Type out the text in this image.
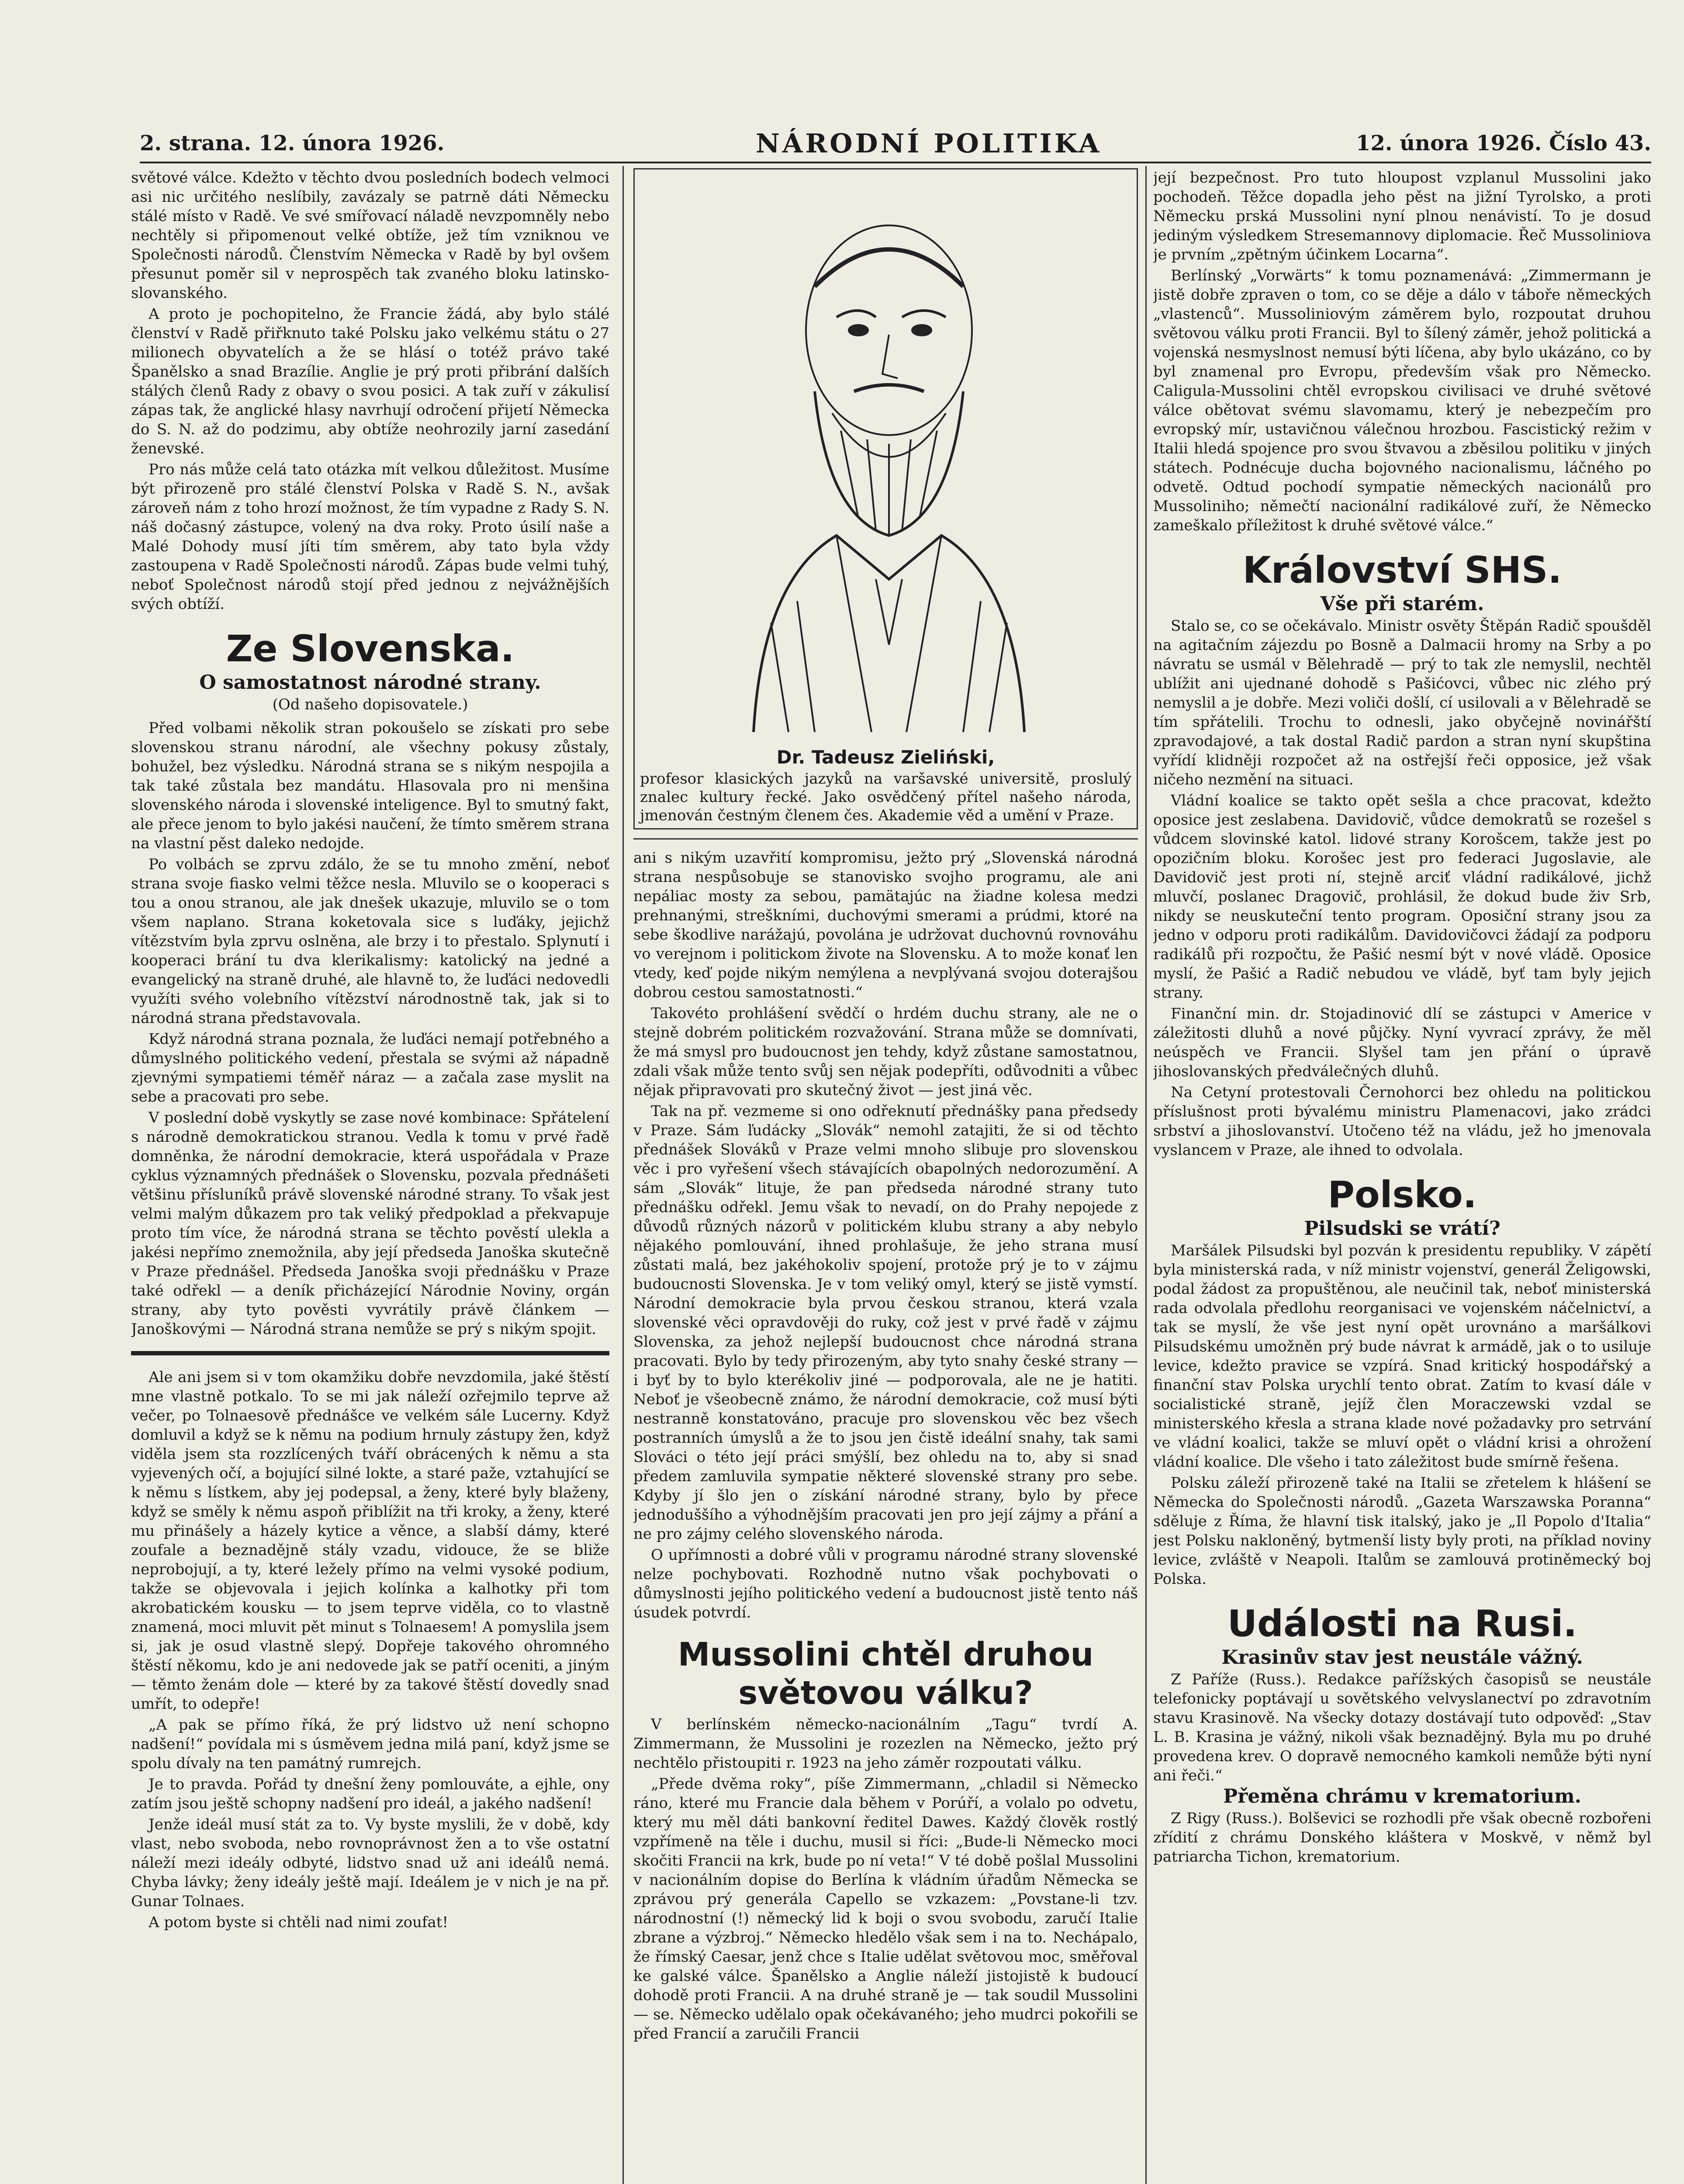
2. strana. 12. února 1926.	NÁRODNÍ POLITIKA	12. února 1926. Číslo 43.

světové válce. Kdežto v těchto dvou posledních bodech velmoci asi nic určitého neslíbily, zavázaly se patrně dáti Německu stálé místo v Radě. Ve své smířovací náladě nevzpomněly nebo nechtěly si připomenout velké obtíže, jež tím vzniknou ve Společnosti národů. Členstvím Německa v Radě by byl ovšem přesunut poměr sil v neprospěch tak zvaného bloku latinsko-slovanského.

A proto je pochopitelno, že Francie žádá, aby bylo stálé členství v Radě přiřknuto také Polsku jako velkému státu o 27 milionech obyvatelích a že se hlásí o totéž právo také Španělsko a snad Brazílie. Anglie je prý proti přibrání dalších stálých členů Rady z obavy o svou posici. A tak zuří v zákulisí zápas tak, že anglické hlasy navrhují odročení přijetí Německa do S. N. až do podzimu, aby obtíže neohrozily jarní zasedání ženevské.

Pro nás může celá tato otázka mít velkou důležitost. Musíme být přirozeně pro stálé členství Polska v Radě S. N., avšak zároveň nám z toho hrozí možnost, že tím vypadne z Rady S. N. náš dočasný zástupce, volený na dva roky. Proto úsilí naše a Malé Dohody musí jíti tím směrem, aby tato byla vždy zastoupena v Radě Společnosti národů. Zápas bude velmi tuhý, neboť Společnost národů stojí před jednou z nejvážnějších svých obtíží.

Ze Slovenska.
O samostatnost národné strany.
(Od našeho dopisovatele.)

Před volbami několik stran pokoušelo se získati pro sebe slovenskou stranu národní, ale všechny pokusy zůstaly, bohužel, bez výsledku. Národná strana se s nikým nespojila a tak také zůstala bez mandátu. Hlasovala pro ni menšina slovenského národa i slovenské inteligence. Byl to smutný fakt, ale přece jenom to bylo jakési naučení, že tímto směrem strana na vlastní pěst daleko nedojde.

Po volbách se zprvu zdálo, že se tu mnoho změní, neboť strana svoje fiasko velmi těžce nesla. Mluvilo se o kooperaci s tou a onou stranou, ale jak dnešek ukazuje, mluvilo se o tom všem naplano. Strana koketovala sice s luďáky, jejichž vítězstvím byla zprvu oslněna, ale brzy i to přestalo. Splynutí i kooperaci brání tu dva klerikalismy: katolický na jedné a evangelický na straně druhé, ale hlavně to, že luďáci nedovedli využíti svého volebního vítězství národnostně tak, jak si to národná strana představovala.

Když národná strana poznala, že luďáci nemají potřebného a důmyslného politického vedení, přestala se svými až nápadně zjevnými sympatiemi téměř náraz — a začala zase myslit na sebe a pracovati pro sebe.

V poslední době vyskytly se zase nové kombinace: Spřátelení s národně demokratickou stranou. Vedla k tomu v prvé řadě domněnka, že národní demokracie, která uspořádala v Praze cyklus významných přednášek o Slovensku, pozvala přednášeti většinu přísluníků právě slovenské národné strany. To však jest velmi malým důkazem pro tak veliký předpoklad a překvapuje proto tím více, že národná strana se těchto pověstí ulekla a jakési nepřímo znemožnila, aby její předseda Janoška skutečně v Praze přednášel. Předseda Janoška svoji přednášku v Praze také odřekl — a deník přicházející Národnie Noviny, orgán strany, aby tyto pověsti vyvrátily právě článkem — Janoškovými — Národná strana nemůže se prý s nikým spojit.

Ale ani jsem si v tom okamžiku dobře nevzdomila, jaké štěstí mne vlastně potkalo. To se mi jak náleží ozřejmilo teprve až večer, po Tolnaesově přednášce ve velkém sále Lucerny. Když domluvil a když se k němu na podium hrnuly zástupy žen, když viděla jsem sta rozzlícených tváří obrácených k němu a sta vyjevených očí, a bojující silné lokte, a staré paže, vztahující se k němu s lístkem, aby jej podepsal, a ženy, které byly blaženy, když se směly k němu aspoň přiblížit na tři kroky, a ženy, které mu přinášely a házely kytice a věnce, a slabší dámy, které zoufale a beznadějně stály vzadu, vidouce, že se bliže neprobojují, a ty, které ležely přímo na velmi vysoké podium, takže se objevovala i jejich kolínka a kalhotky při tom akrobatickém kousku — to jsem teprve viděla, co to vlastně znamená, moci mluvit pět minut s Tolnaesem! A pomyslila jsem si, jak je osud vlastně slepý. Dopřeje takového ohromného štěstí někomu, kdo je ani nedovede jak se patří oceniti, a jiným — těmto ženám dole — které by za takové štěstí dovedly snad umřít, to odepře!

„A pak se přímo říká, že prý lidstvo už není schopno nadšení!“ povídala mi s úsměvem jedna milá paní, když jsme se spolu dívaly na ten památný rumrejch.

Je to pravda. Pořád ty dnešní ženy pomlouváte, a ejhle, ony zatím jsou ještě schopny nadšení pro ideál, a jakého nadšení!

Jenže ideál musí stát za to. Vy byste myslili, že v době, kdy vlast, nebo svoboda, nebo rovnoprávnost žen a to vše ostatní náleží mezi ideály odbyté, lidstvo snad už ani ideálů nemá. Chyba lávky; ženy ideály ještě mají. Ideálem je v nich je na př. Gunar Tolnaes.

A potom byste si chtěli nad nimi zoufat!

Dr. Tadeusz Zieliński,
profesor klasických jazyků na varšavské universitě, proslulý znalec kultury řecké. Jako osvědčený přítel našeho národa, jmenován čestným členem čes. Akademie věd a umění v Praze.

ani s nikým uzavřití kompromisu, ježto prý „Slovenská národná strana nespůsobuje se stanovisko svojho programu, ale ani nepáliac mosty za sebou, pamätajúc na žiadne kolesa medzi prehnanými, streškními, duchovými smerami a prúdmi, ktoré na sebe škodlive narážajú, povolána je udržovat duchovnú rovnováhu vo verejnom i politickom živote na Slovensku. A to može konať len vtedy, keď pojde nikým nemýlena a nevplývaná svojou doterajšou dobrou cestou samostatnosti.“

Takovéto prohlášení svědčí o hrdém duchu strany, ale ne o stejně dobrém politickém rozvažování. Strana může se domnívati, že má smysl pro budoucnost jen tehdy, když zůstane samostatnou, zdali však může tento svůj sen nějak podepříti, odůvodniti a vůbec nějak připravovati pro skutečný život — jest jiná věc.

Tak na př. vezmeme si ono odřeknutí přednášky pana předsedy v Praze. Sám ľudácky „Slovák“ nemohl zatajiti, že si od těchto přednášek Slováků v Praze velmi mnoho slibuje pro slovenskou věc i pro vyřešení všech stávajících obapolných nedorozumění. A sám „Slovák“ lituje, že pan předseda národné strany tuto přednášku odřekl. Jemu však to nevadí, on do Prahy nepojede z důvodů různých názorů v politickém klubu strany a aby nebylo nějakého pomlouvání, ihned prohlašuje, že jeho strana musí zůstati malá, bez jakéhokoliv spojení, protože prý je to v zájmu budoucnosti Slovenska. Je v tom veliký omyl, který se jistě vymstí. Národní demokracie byla prvou českou stranou, která vzala slovenské věci opravdověji do ruky, což jest v prvé řadě v zájmu Slovenska, za jehož nejlepší budoucnost chce národná strana pracovati. Bylo by tedy přirozeným, aby tyto snahy české strany — i byť by to bylo kterékoliv jiné — podporovala, ale ne je hatiti. Neboť je všeobecně známo, že národní demokracie, což musí býti nestranně konstatováno, pracuje pro slovenskou věc bez všech postranních úmyslů a že to jsou jen čistě ideální snahy, tak sami Slováci o této její práci smýšlí, bez ohledu na to, aby si snad předem zamluvila sympatie některé slovenské strany pro sebe. Kdyby jí šlo jen o získání národné strany, bylo by přece jednoduššího a výhodnějším pracovati jen pro její zájmy a přání a ne pro zájmy celého slovenského národa.

O upřímnosti a dobré vůli v programu národné strany slovenské nelze pochybovati. Rozhodně nutno však pochybovati o důmyslnosti jejího politického vedení a budoucnost jistě tento náš úsudek potvrdí.

Mussolini chtěl druhou světovou válku?

V berlínském německo-nacionálním „Tagu“ tvrdí A. Zimmermann, že Mussolini je rozezlen na Německo, ježto prý nechtělo přistoupiti r. 1923 na jeho záměr rozpoutati válku.

„Přede dvěma roky“, píše Zimmermann, „chladil si Německo ráno, které mu Francie dala během v Porúří, a volalo po odvetu, který mu měl dáti bankovní ředitel Dawes. Každý člověk rostlý vzpřímeně na těle i duchu, musil si říci: „Bude-li Německo moci skočiti Francii na krk, bude po ní veta!“ V té době pošlal Mussolini v nacionálním dopise do Berlína k vládním úřadům Německa se zprávou prý generála Capello se vzkazem: „Povstane-li tzv. národnostní (!) německý lid k boji o svou svobodu, zaručí Italie zbrane a výzbroj.“ Německo hledělo však sem i na to. Nechápalo, že římský Caesar, jenž chce s Italie udělat světovou moc, směřoval ke galské válce. Španělsko a Anglie náleží jistojistě k budoucí dohodě proti Francii. A na druhé straně je — tak soudil Mussolini — se. Německo udělalo opak očekávaného; jeho mudrci pokořili se před Francií a zaručili Francii

její bezpečnost. Pro tuto hloupost vzplanul Mussolini jako pochodeň. Těžce dopadla jeho pěst na jižní Tyrolsko, a proti Německu prská Mussolini nyní plnou nenávistí. To je dosud jediným výsledkem Stresemannovy diplomacie. Řeč Mussoliniova je prvním „zpětným účinkem Locarna“.

Berlínský „Vorwärts“ k tomu poznamenává: „Zimmermann je jistě dobře zpraven o tom, co se děje a dálo v táboře německých „vlastenců“. Mussoliniovým záměrem bylo, rozpoutat druhou světovou válku proti Francii. Byl to šílený záměr, jehož politická a vojenská nesmyslnost nemusí býti líčena, aby bylo ukázáno, co by byl znamenal pro Evropu, především však pro Německo. Caligula-Mussolini chtěl evropskou civilisaci ve druhé světové válce obětovat svému slavomamu, který je nebezpečím pro evropský mír, ustavičnou válečnou hrozbou. Fascistický režim v Italii hledá spojence pro svou štvavou a zběsilou politiku v jiných státech. Podnécuje ducha bojovného nacionalismu, láčného po odvetě. Odtud pochodí sympatie německých nacionálů pro Mussoliniho; němečtí nacionální radikálové zuří, že Německo zameškalo příležitost k druhé světové válce.“

Království SHS.
Vše při starém.

Stalo se, co se očekávalo. Ministr osvěty Štěpán Radič spoušděl na agitačním zájezdu po Bosně a Dalmacii hromy na Srby a po návratu se usmál v Bělehradě — prý to tak zle nemyslil, nechtěl ublížit ani ujednané dohodě s Pašićovci, vůbec nic zlého prý nemyslil a je dobře. Mezi voliči došlí, cí usilovali a v Bělehradě se tím spřátelili. Trochu to odnesli, jako obyčejně novinářští zpravodajové, a tak dostal Radič pardon a stran nyní skupština vyřídí klidněji rozpočet až na ostřejší řeči opposice, jež však ničeho nezmění na situaci.

Vládní koalice se takto opět sešla a chce pracovat, kdežto oposice jest zeslabena. Davidovič, vůdce demokratů se rozešel s vůdcem slovinské katol. lidové strany Korošcem, takže jest po opozičním bloku. Korošec jest pro federaci Jugoslavie, ale Davidovič jest proti ní, stejně arciť vládní radikálové, jichž mluvčí, poslanec Dragovič, prohlásil, že dokud bude živ Srb, nikdy se neuskuteční tento program. Oposiční strany jsou za jedno v odporu proti radikálům. Davidovičovci žádají za podporu radikálů při rozpočtu, že Pašić nesmí být v nové vládě. Oposice myslí, že Pašić a Radič nebudou ve vládě, byť tam byly jejich strany.

Finanční min. dr. Stojadinović dlí se zástupci v Americe v záležitosti dluhů a nové půjčky. Nyní vyvrací zprávy, že měl neúspěch ve Francii. Slyšel tam jen přání o úpravě jihoslovanských předválečných dluhů.

Na Cetyní protestovali Černohorci bez ohledu na politickou příslušnost proti bývalému ministru Plamenacovi, jako zrádci srbství a jihoslovanství. Utočeno též na vládu, jež ho jmenovala vyslancem v Praze, ale ihned to odvolala.

Polsko.
Pilsudski se vrátí?

Maršálek Pilsudski byl pozván k presidentu republiky. V zápětí byla ministerská rada, v níž ministr vojenství, generál Želigowski, podal žádost za propuštěnou, ale neučinil tak, neboť ministerská rada odvolala předlohu reorganisaci ve vojenském náčelnictví, a tak se myslí, že vše jest nyní opět urovnáno a maršálkovi Pilsudskému umožněn prý bude návrat k armádě, jak o to usiluje levice, kdežto pravice se vzpírá. Snad kritický hospodářský a finanční stav Polska urychlí tento obrat. Zatím to kvasí dále v socialistické straně, jejíž člen Moraczewski vzdal se ministerského křesla a strana klade nové požadavky pro setrvání ve vládní koalici, takže se mluví opět o vládní krisi a ohrožení vládní koalice. Dle všeho i tato záležitost bude smírně řešena.

Polsku záleží přirozeně také na Italii se zřetelem k hlášení se Německa do Společnosti národů. „Gazeta Warszawska Poranna“ sděluje z Říma, že hlavní tisk italský, jako je „Il Popolo d'Italia“ jest Polsku nakloněný, bytmenší listy byly proti, na příklad noviny levice, zvláště v Neapoli. Italům se zamlouvá protiněmecký boj Polska.

Události na Rusi.
Krasinův stav jest neustále vážný.

Z Paříže (Russ.). Redakce pařížských časopisů se neustále telefonicky poptávají u sovětského velvyslanectví po zdravotním stavu Krasinově. Na všecky dotazy dostávají tuto odpověď: „Stav L. B. Krasina je vážný, nikoli však beznadějný. Byla mu po druhé provedena krev. O dopravě nemocného kamkoli nemůže býti nyní ani řeči.“

Přeměna chrámu v krematorium.

Z Rigy (Russ.). Bolševici se rozhodli pře však obecně rozbořeni zřídití z chrámu Donského kláštera v Moskvě, v němž byl patriarcha Tichon, krematorium.
